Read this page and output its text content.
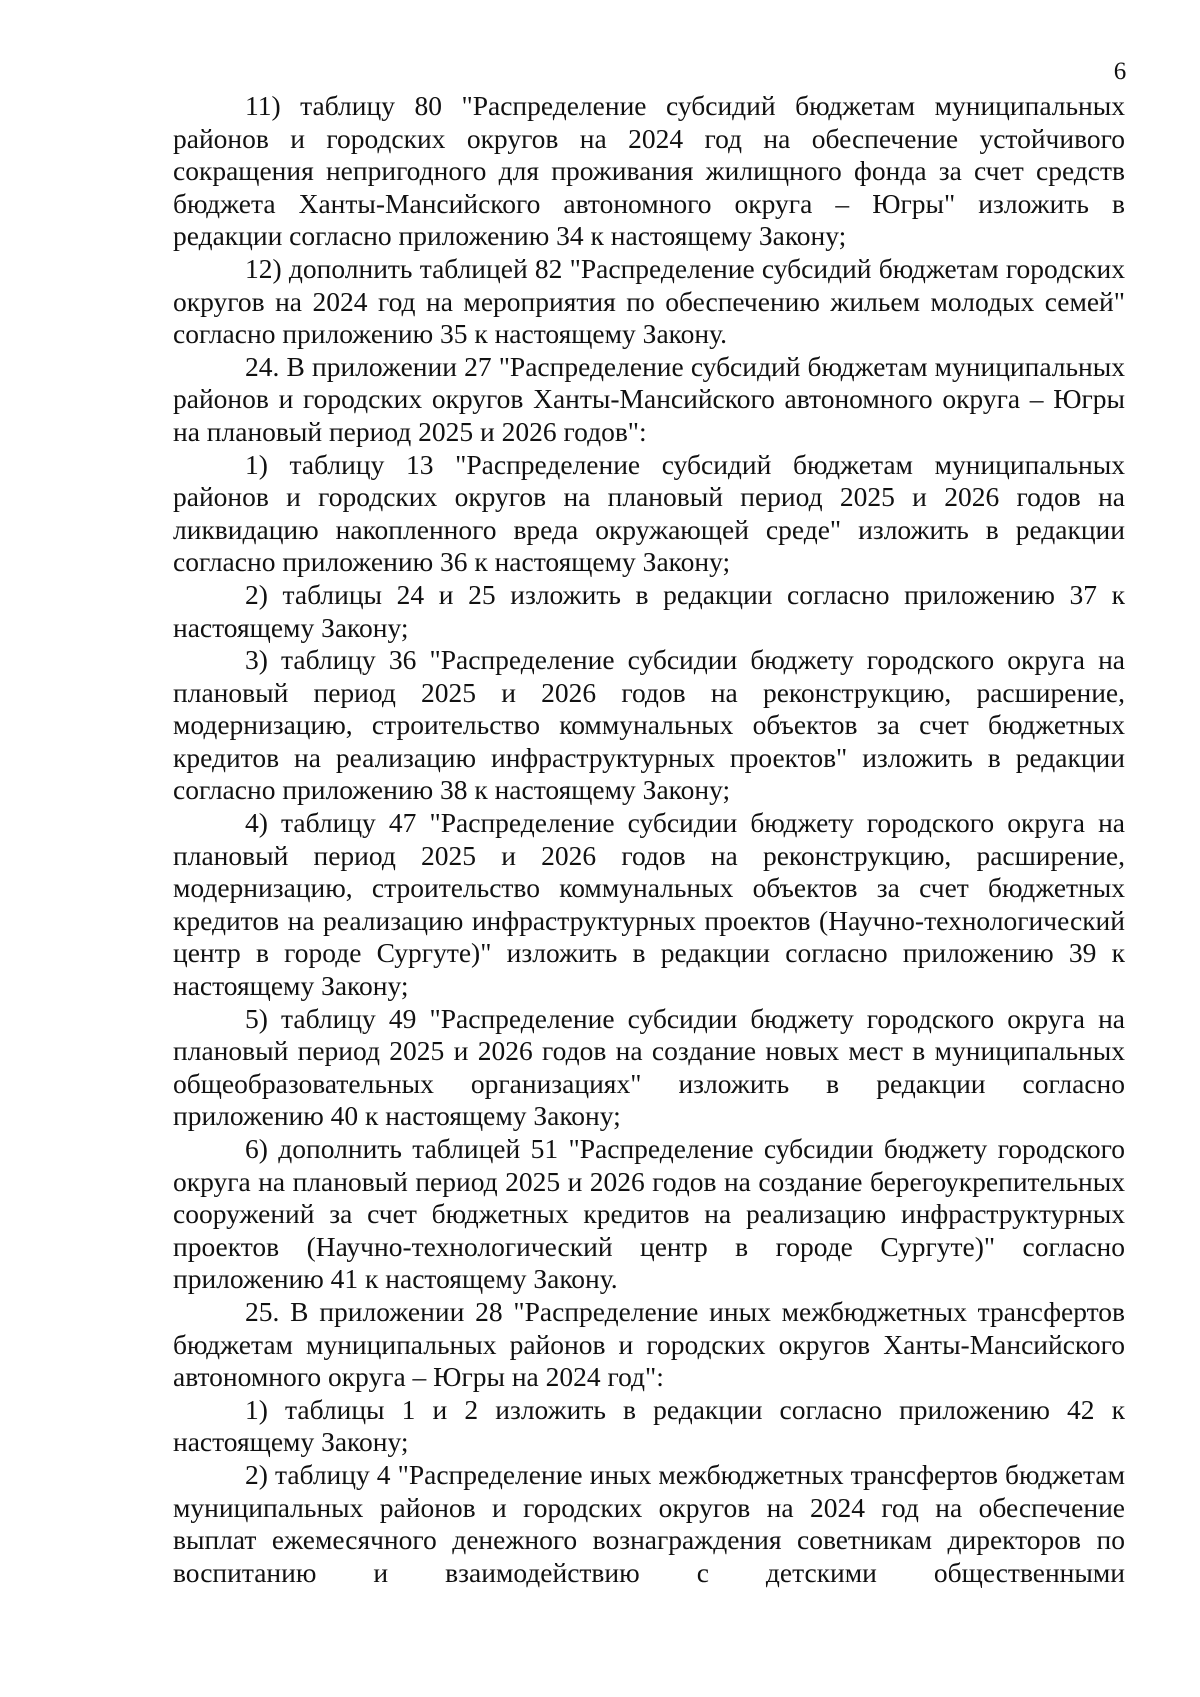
6

11) таблицу 80 "Распределение субсидий бюджетам муниципальных районов и городских округов на 2024 год на обеспечение устойчивого сокращения непригодного для проживания жилищного фонда за счет средств бюджета Ханты-Мансийского автономного округа – Югры" изложить в редакции согласно приложению 34 к настоящему Закону;

12) дополнить таблицей 82 "Распределение субсидий бюджетам городских округов на 2024 год на мероприятия по обеспечению жильем молодых семей" согласно приложению 35 к настоящему Закону.

24. В приложении 27 "Распределение субсидий бюджетам муниципальных районов и городских округов Ханты-Мансийского автономного округа – Югры на плановый период 2025 и 2026 годов":

1) таблицу 13 "Распределение субсидий бюджетам муниципальных районов и городских округов на плановый период 2025 и 2026 годов на ликвидацию накопленного вреда окружающей среде" изложить в редакции согласно приложению 36 к настоящему Закону;

2) таблицы 24 и 25 изложить в редакции согласно приложению 37 к настоящему Закону;

3) таблицу 36 "Распределение субсидии бюджету городского округа на плановый период 2025 и 2026 годов на реконструкцию, расширение, модернизацию, строительство коммунальных объектов за счет бюджетных кредитов на реализацию инфраструктурных проектов" изложить в редакции согласно приложению 38 к настоящему Закону;

4) таблицу 47 "Распределение субсидии бюджету городского округа на плановый период 2025 и 2026 годов на реконструкцию, расширение, модернизацию, строительство коммунальных объектов за счет бюджетных кредитов на реализацию инфраструктурных проектов (Научно-технологический центр в городе Сургуте)" изложить в редакции согласно приложению 39 к настоящему Закону;

5) таблицу 49 "Распределение субсидии бюджету городского округа на плановый период 2025 и 2026 годов на создание новых мест в муниципальных общеобразовательных организациях" изложить в редакции согласно приложению 40 к настоящему Закону;

6) дополнить таблицей 51 "Распределение субсидии бюджету городского округа на плановый период 2025 и 2026 годов на создание берегоукрепительных сооружений за счет бюджетных кредитов на реализацию инфраструктурных проектов (Научно-технологический центр в городе Сургуте)" согласно приложению 41 к настоящему Закону.

25. В приложении 28 "Распределение иных межбюджетных трансфертов бюджетам муниципальных районов и городских округов Ханты-Мансийского автономного округа – Югры на 2024 год":

1) таблицы 1 и 2 изложить в редакции согласно приложению 42 к настоящему Закону;

2) таблицу 4 "Распределение иных межбюджетных трансфертов бюджетам муниципальных районов и городских округов на 2024 год на обеспечение выплат ежемесячного денежного вознаграждения советникам директоров по воспитанию и взаимодействию с детскими общественными
